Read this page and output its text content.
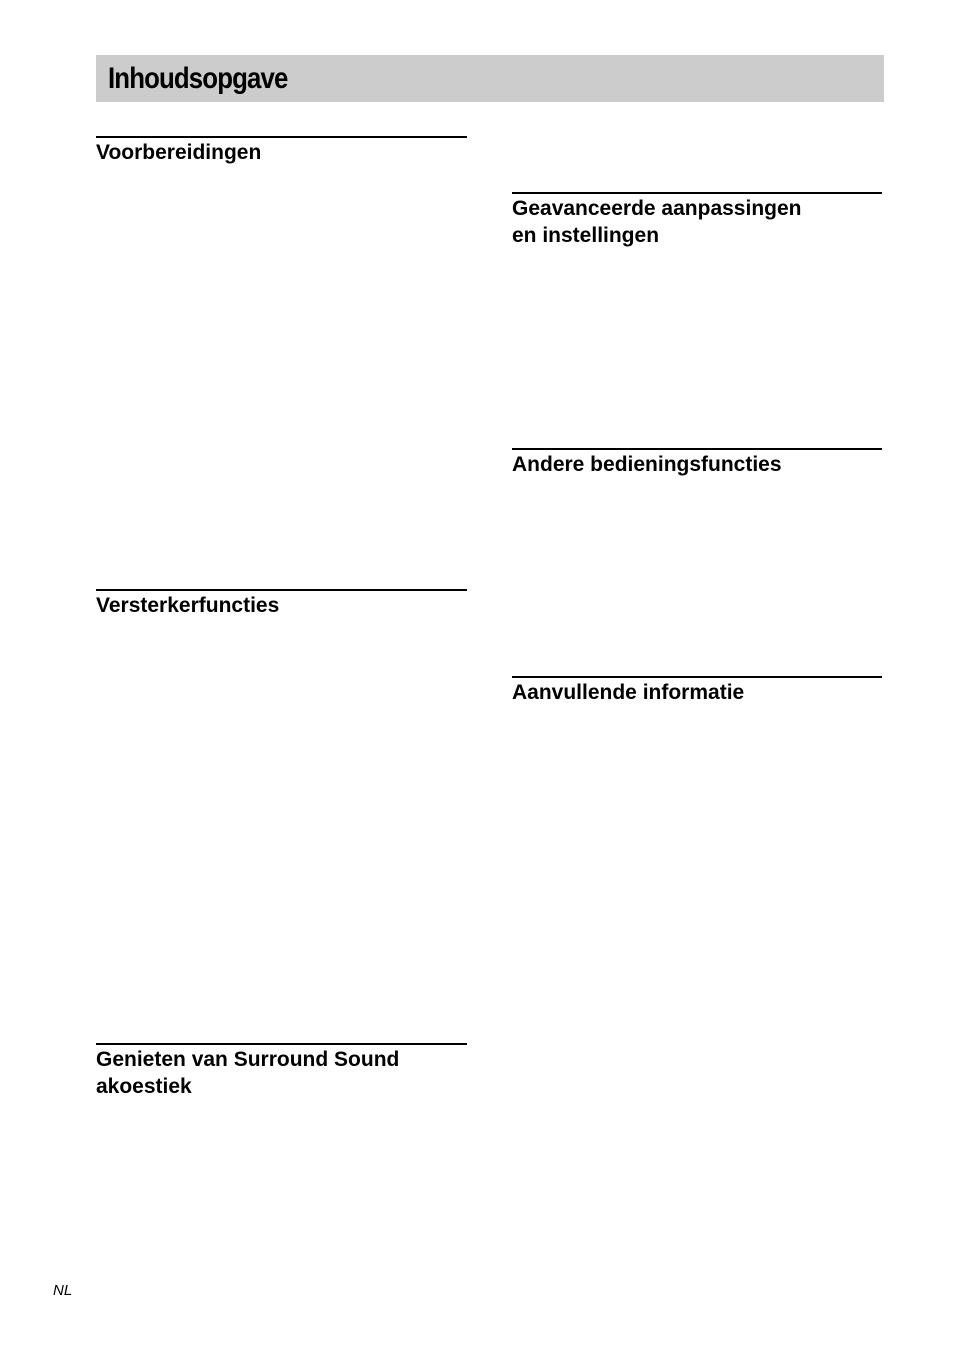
Inhoudsopgave
Voorbereidingen
Versterkerfuncties
Genieten van Surround Sound
akoestiek
Geavanceerde aanpassingen
en instellingen
Andere bedieningsfuncties
Aanvullende informatie
NL
